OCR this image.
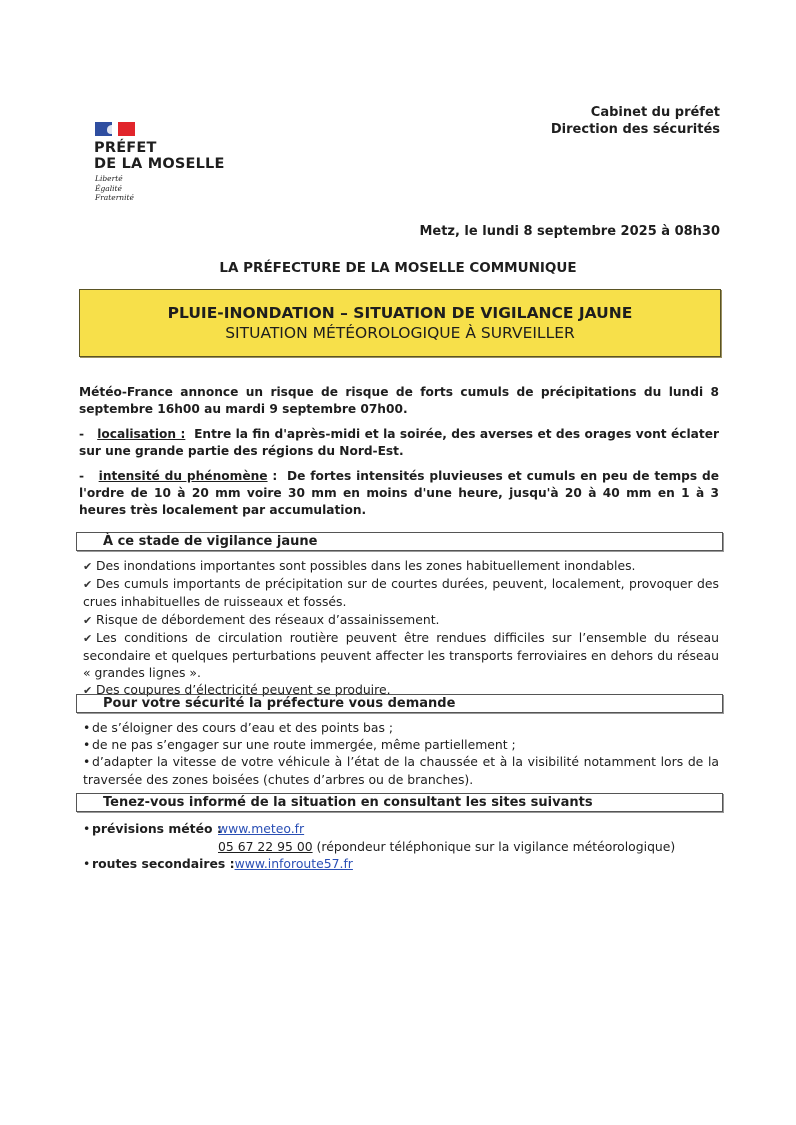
PRÉFET
DE LA MOSELLE
Liberté
Égalité
Fraternité
Cabinet du préfet
Direction des sécurités
Metz, le lundi 8 septembre 2025 à 08h30
LA PRÉFECTURE DE LA MOSELLE COMMUNIQUE
PLUIE-INONDATION – SITUATION DE VIGILANCE JAUNE
SITUATION MÉTÉOROLOGIQUE À SURVEILLER
Météo-France annonce un risque de risque de forts cumuls de précipitations du lundi 8 septembre 16h00 au mardi 9 septembre 07h00.
-   localisation : Entre la fin d'après-midi et la soirée, des averses et des orages vont éclater sur une grande partie des régions du Nord-Est.
-   intensité du phénomène :  De fortes intensités pluvieuses et cumuls en peu de temps de l'ordre de 10 à 20 mm voire 30 mm en moins d'une heure, jusqu'à 20 à 40 mm en 1 à 3 heures très localement par accumulation.
À ce stade de vigilance jaune

✔ Des inondations importantes sont possibles dans les zones habituellement inondables.

✔ Des cumuls importants de précipitation sur de courtes durées, peuvent, localement, provoquer des crues inhabituelles de ruisseaux et fossés.

✔ Risque de débordement des réseaux d’assainissement.

✔ Les conditions de circulation routière peuvent être rendues difficiles sur l’ensemble du réseau secondaire et quelques perturbations peuvent affecter les transports ferroviaires en dehors du réseau « grandes lignes ».

✔ Des coupures d’électricité peuvent se produire.

Pour votre sécurité la préfecture vous demande

• de s’éloigner des cours d’eau et des points bas ;

• de ne pas s’engager sur une route immergée, même partiellement ;

• d’adapter la vitesse de votre véhicule à l’état de la chaussée et à la visibilité notamment lors de la traversée des zones boisées (chutes d’arbres ou de branches).

Tenez-vous informé de la situation en consultant les sites suivants
• prévisions météo :
www.meteo.fr
05 67 22 95 00 (répondeur téléphonique sur la vigilance météorologique)
• routes secondaires :www.inforoute57.fr
